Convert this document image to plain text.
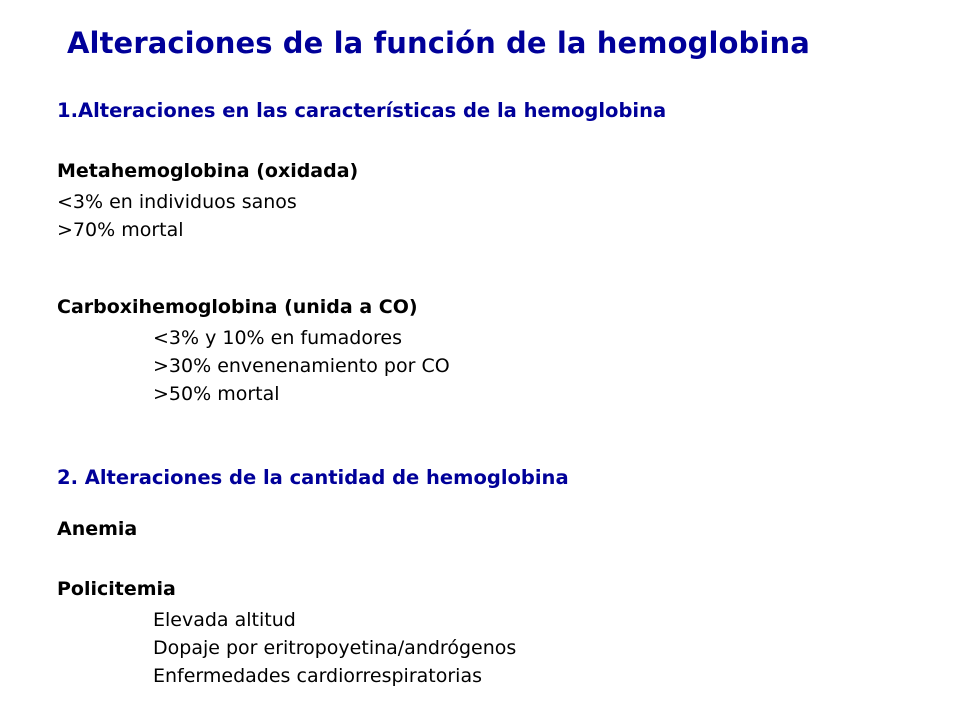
Alteraciones de la función de la hemoglobina
1.Alteraciones en las características de la hemoglobina
Metahemoglobina (oxidada)
<3% en individuos sanos
>70% mortal
Carboxihemoglobina (unida a CO)
<3% y 10% en fumadores
>30% envenenamiento por CO
>50% mortal
2. Alteraciones de la cantidad de hemoglobina
Anemia
Policitemia
Elevada altitud
Dopaje por eritropoyetina/andrógenos
Enfermedades cardiorrespiratorias
